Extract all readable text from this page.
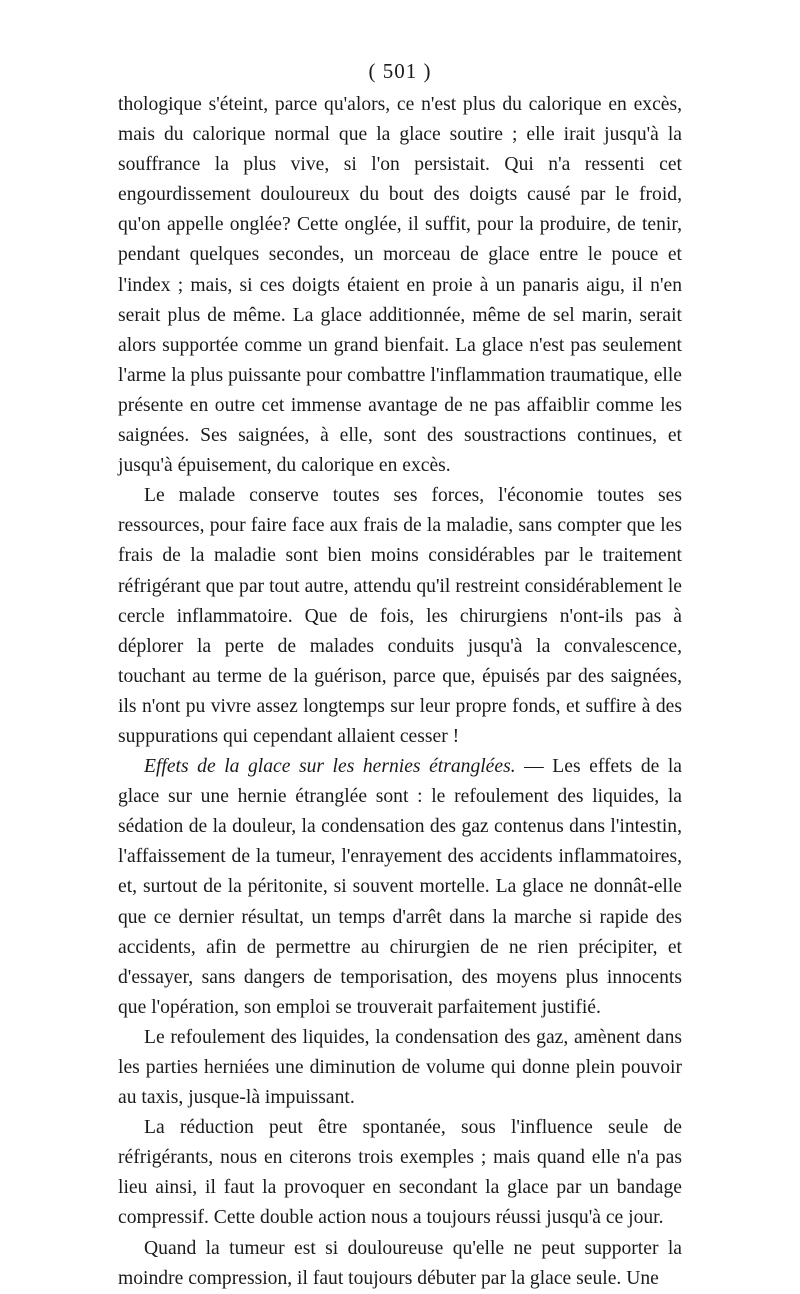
( 501 )

thologique s'éteint, parce qu'alors, ce n'est plus du calorique en excès, mais du calorique normal que la glace soutire ; elle irait jusqu'à la souffrance la plus vive, si l'on persistait. Qui n'a ressenti cet engourdissement douloureux du bout des doigts causé par le froid, qu'on appelle onglée? Cette onglée, il suffit, pour la produire, de tenir, pendant quelques secondes, un morceau de glace entre le pouce et l'index ; mais, si ces doigts étaient en proie à un panaris aigu, il n'en serait plus de même. La glace additionnée, même de sel marin, serait alors supportée comme un grand bienfait. La glace n'est pas seulement l'arme la plus puissante pour combattre l'inflammation traumatique, elle présente en outre cet immense avantage de ne pas affaiblir comme les saignées. Ses saignées, à elle, sont des soustractions continues, et jusqu'à épuisement, du calorique en excès.

Le malade conserve toutes ses forces, l'économie toutes ses ressources, pour faire face aux frais de la maladie, sans compter que les frais de la maladie sont bien moins considérables par le traitement réfrigérant que par tout autre, attendu qu'il restreint considérablement le cercle inflammatoire. Que de fois, les chirurgiens n'ont-ils pas à déplorer la perte de malades conduits jusqu'à la convalescence, touchant au terme de la guérison, parce que, épuisés par des saignées, ils n'ont pu vivre assez longtemps sur leur propre fonds, et suffire à des suppurations qui cependant allaient cesser !

Effets de la glace sur les hernies étranglées. — Les effets de la glace sur une hernie étranglée sont : le refoulement des liquides, la sédation de la douleur, la condensation des gaz contenus dans l'intestin, l'affaissement de la tumeur, l'enrayement des accidents inflammatoires, et, surtout de la péritonite, si souvent mortelle. La glace ne donnât-elle que ce dernier résultat, un temps d'arrêt dans la marche si rapide des accidents, afin de permettre au chirurgien de ne rien précipiter, et d'essayer, sans dangers de temporisation, des moyens plus innocents que l'opération, son emploi se trouverait parfaitement justifié.

Le refoulement des liquides, la condensation des gaz, amènent dans les parties herniées une diminution de volume qui donne plein pouvoir au taxis, jusque-là impuissant.

La réduction peut être spontanée, sous l'influence seule de réfrigérants, nous en citerons trois exemples ; mais quand elle n'a pas lieu ainsi, il faut la provoquer en secondant la glace par un bandage compressif. Cette double action nous a toujours réussi jusqu'à ce jour.

Quand la tumeur est si douloureuse qu'elle ne peut supporter la moindre compression, il faut toujours débuter par la glace seule. Une
